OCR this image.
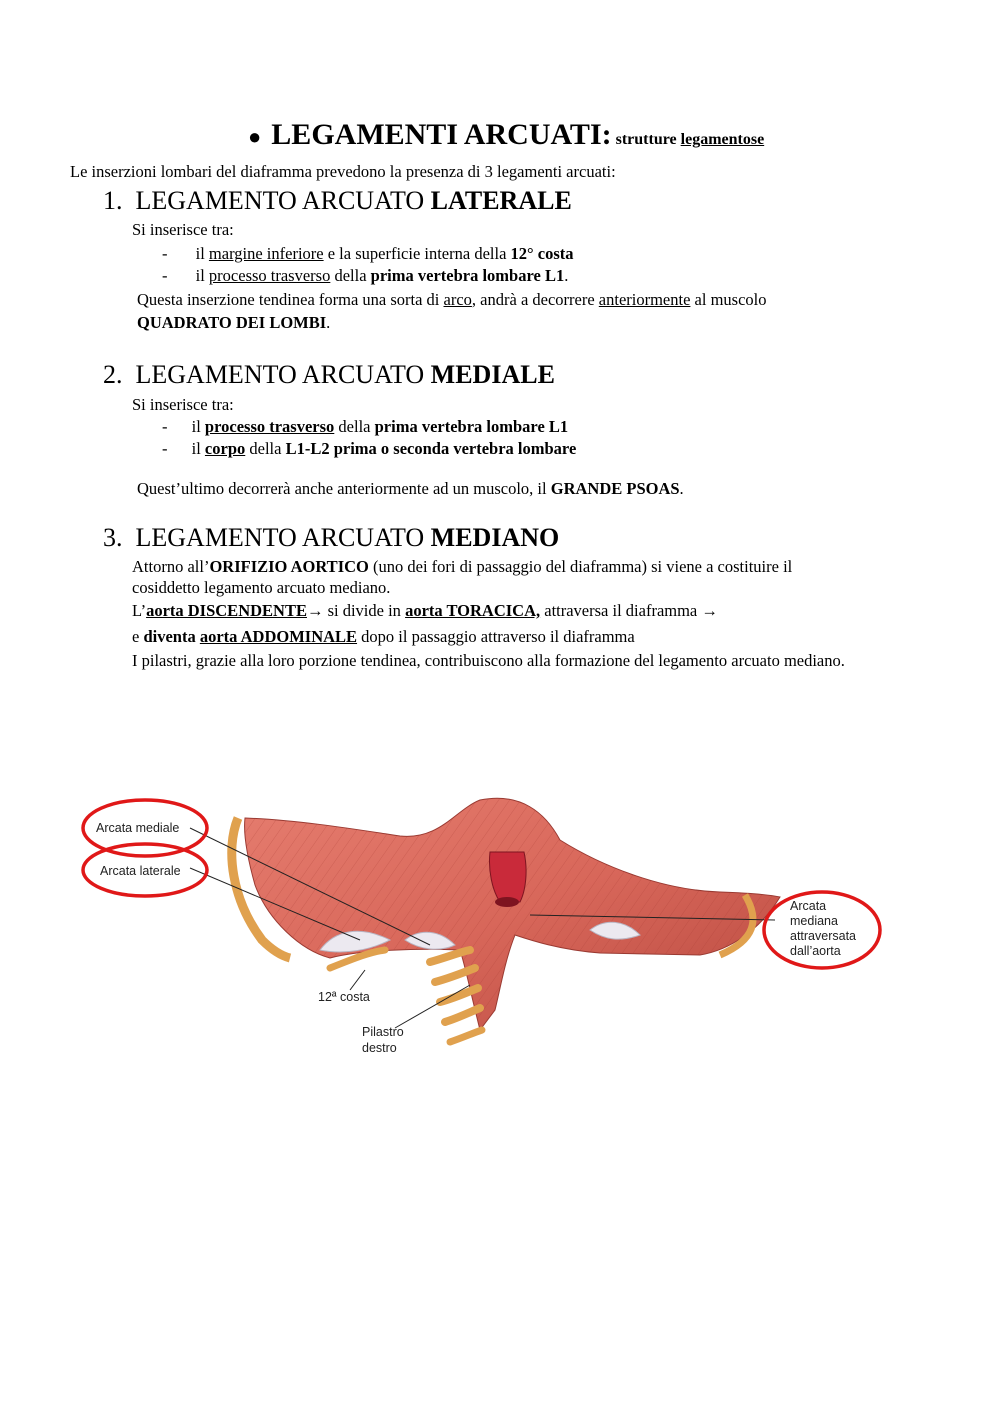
● LEGAMENTI ARCUATI: strutture legamentose
Le inserzioni lombari del diaframma prevedono la presenza di 3 legamenti arcuati:
1. LEGAMENTO ARCUATO LATERALE
Si inserisce tra:
- il margine inferiore e la superficie interna della 12° costa
- il processo trasverso della prima vertebra lombare L1.
Questa inserzione tendinea forma una sorta di arco, andrà a decorrere anteriormente al muscolo
QUADRATO DEI LOMBI.
2. LEGAMENTO ARCUATO MEDIALE
Si inserisce tra:
- il processo trasverso della prima vertebra lombare L1
- il corpo della L1-L2 prima o seconda vertebra lombare
Quest’ultimo decorrerà anche anteriormente ad un muscolo, il GRANDE PSOAS.
3. LEGAMENTO ARCUATO MEDIANO
Attorno all’ORIFIZIO AORTICO (uno dei fori di passaggio del diaframma) si viene a costituire il
cosiddetto legamento arcuato mediano.
L’aorta DISCENDENTE→ si divide in aorta TORACICA, attraversa il diaframma →
e diventa aorta ADDOMINALE dopo il passaggio attraverso il diaframma
I pilastri, grazie alla loro porzione tendinea, contribuiscono alla formazione del legamento arcuato mediano.
Arcata mediale
Arcata laterale
12ª costa
Pilastro
destro
Arcata
mediana
attraversata
dall’aorta
